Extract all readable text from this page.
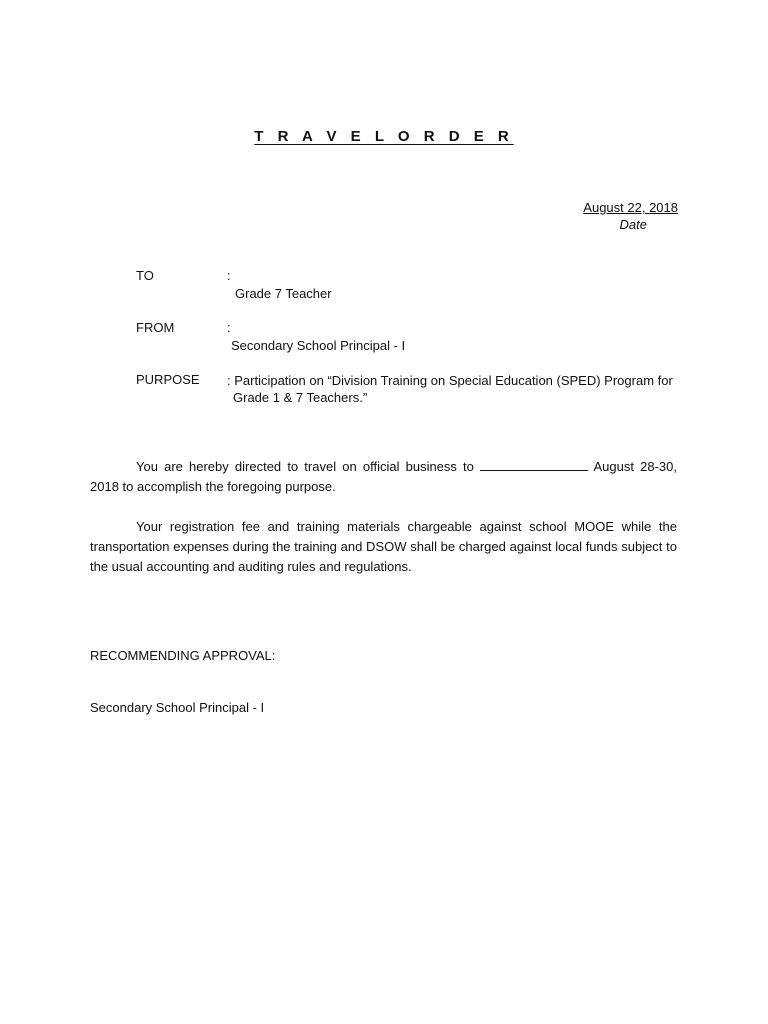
T R A V E L O R D E R
August 22, 2018
Date
TO	:
Grade 7 Teacher
FROM	:
Secondary School Principal - I
PURPOSE : Participation on “Division Training on Special Education (SPED) Program for
Grade 1 & 7 Teachers.”
You are hereby directed to travel on official business to	August 28-30, 2018 to accomplish the foregoing purpose.
Your registration fee and training materials chargeable against school MOOE while the transportation expenses during the training and DSOW shall be charged against local funds subject to the usual accounting and auditing rules and regulations.
RECOMMENDING APPROVAL:
Secondary School Principal - I
